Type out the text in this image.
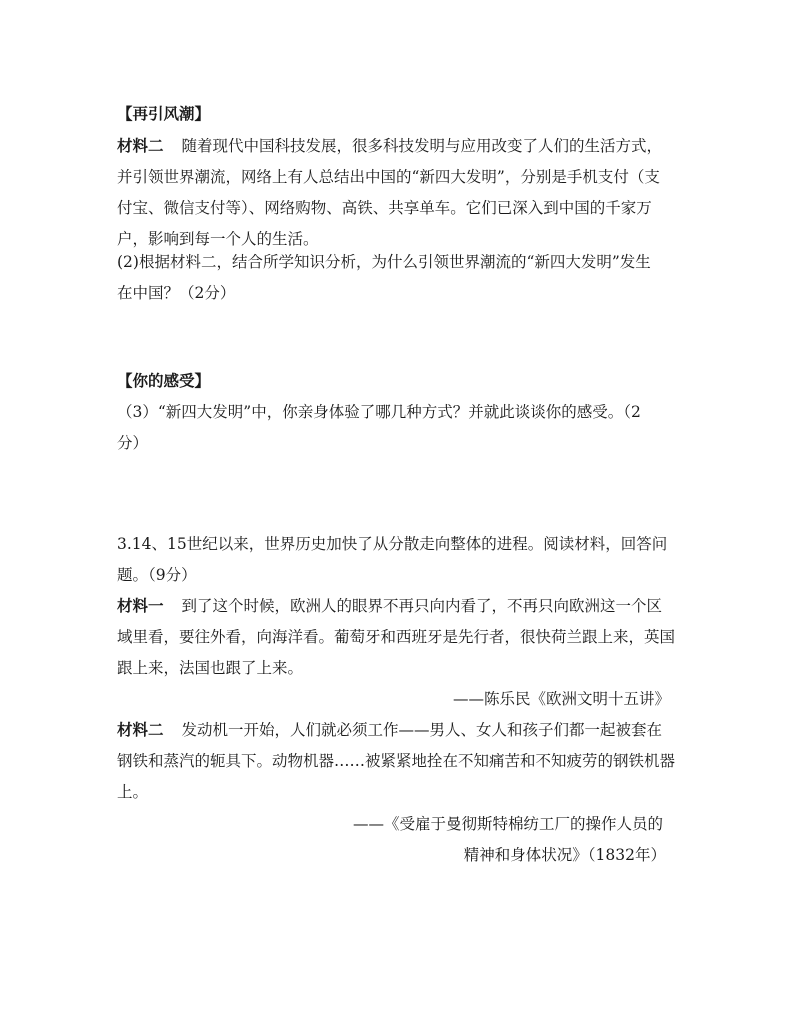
【再引风潮】
材料二 随着现代中国科技发展，很多科技发明与应用改变了人们的生活方式，
并引领世界潮流，网络上有人总结出中国的“新四大发明”，分别是手机支付（支
付宝、微信支付等）、网络购物、高铁、共享单车。它们已深入到中国的千家万
户，影响到每一个人的生活。
(2)根据材料二，结合所学知识分析，为什么引领世界潮流的“新四大发明”发生
在中国？（2分）
【你的感受】
（3）“新四大发明”中，你亲身体验了哪几种方式？并就此谈谈你的感受。（2
分）
3.14、15世纪以来，世界历史加快了从分散走向整体的进程。阅读材料，回答问
题。（9分）
材料一 到了这个时候，欧洲人的眼界不再只向内看了，不再只向欧洲这一个区
域里看，要往外看，向海洋看。葡萄牙和西班牙是先行者，很快荷兰跟上来，英国
跟上来，法国也跟了上来。
——陈乐民《欧洲文明十五讲》
材料二 发动机一开始，人们就必须工作——男人、女人和孩子们都一起被套在
钢铁和蒸汽的轭具下。动物机器……被紧紧地拴在不知痛苦和不知疲劳的钢铁机器
上。
——《受雇于曼彻斯特棉纺工厂的操作人员的
精神和身体状况》（1832年）
